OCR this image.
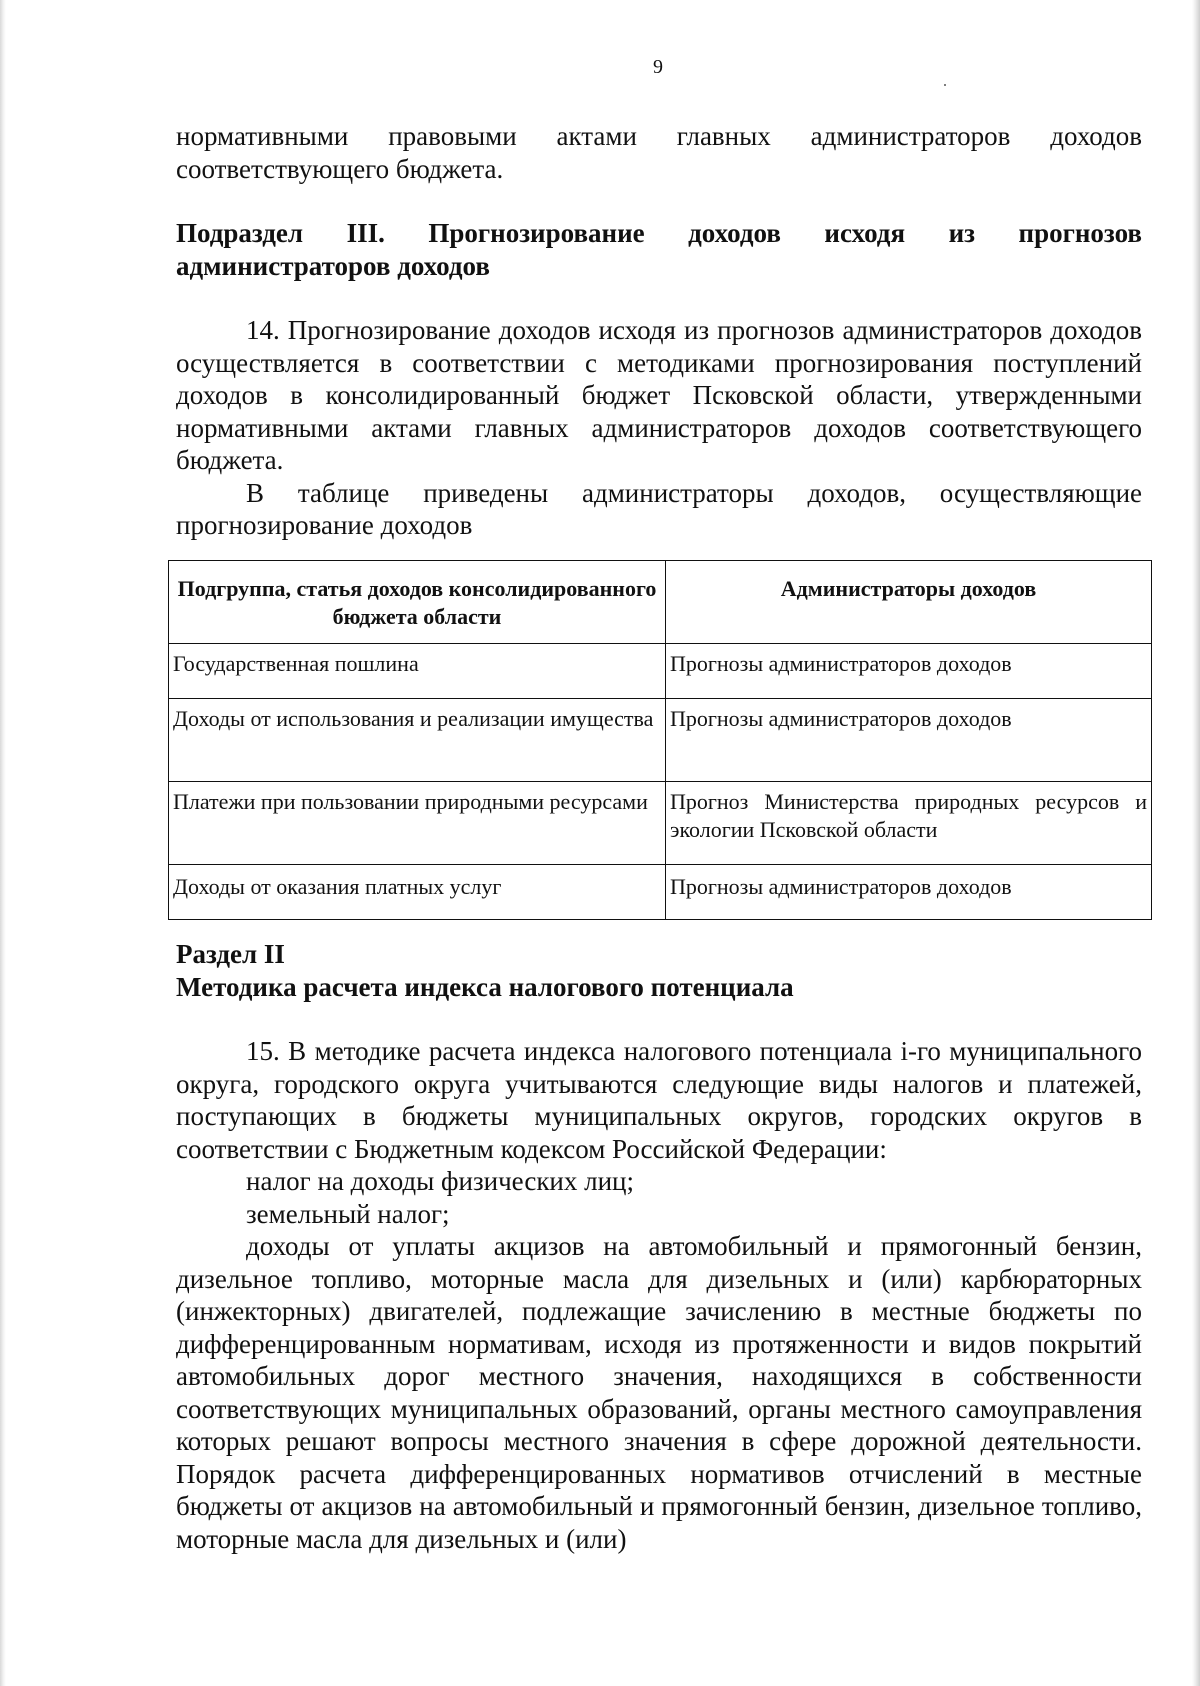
9

нормативными правовыми актами главных администраторов доходов соответствующего бюджета.

Подраздел III. Прогнозирование доходов исходя из прогнозов администраторов доходов

14. Прогнозирование доходов исходя из прогнозов администраторов доходов осуществляется в соответствии с методиками прогнозирования поступлений доходов в консолидированный бюджет Псковской области, утвержденными нормативными актами главных администраторов доходов соответствующего бюджета.

В таблице приведены администраторы доходов, осуществляющие прогнозирование доходов

Подгруппа, статья доходов консолидированного бюджета области	Администраторы доходов
Государственная пошлина	Прогнозы администраторов доходов
Доходы от использования и реализации имущества	Прогнозы администраторов доходов
Платежи при пользовании природными ресурсами	Прогноз Министерства природных ресурсов и экологии Псковской области
Доходы от оказания платных услуг	Прогнозы администраторов доходов

Раздел II

Методика расчета индекса налогового потенциала

15. В методике расчета индекса налогового потенциала i-го муниципального округа, городского округа учитываются следующие виды налогов и платежей, поступающих в бюджеты муниципальных округов, городских округов в соответствии с Бюджетным кодексом Российской Федерации:

налог на доходы физических лиц;

земельный налог;

доходы от уплаты акцизов на автомобильный и прямогонный бензин, дизельное топливо, моторные масла для дизельных и (или) карбюраторных (инжекторных) двигателей, подлежащие зачислению в местные бюджеты по дифференцированным нормативам, исходя из протяженности и видов покрытий автомобильных дорог местного значения, находящихся в собственности соответствующих муниципальных образований, органы местного самоуправления которых решают вопросы местного значения в сфере дорожной деятельности. Порядок расчета дифференцированных нормативов отчислений в местные бюджеты от акцизов на автомобильный и прямогонный бензин, дизельное топливо, моторные масла для дизельных и (или)
